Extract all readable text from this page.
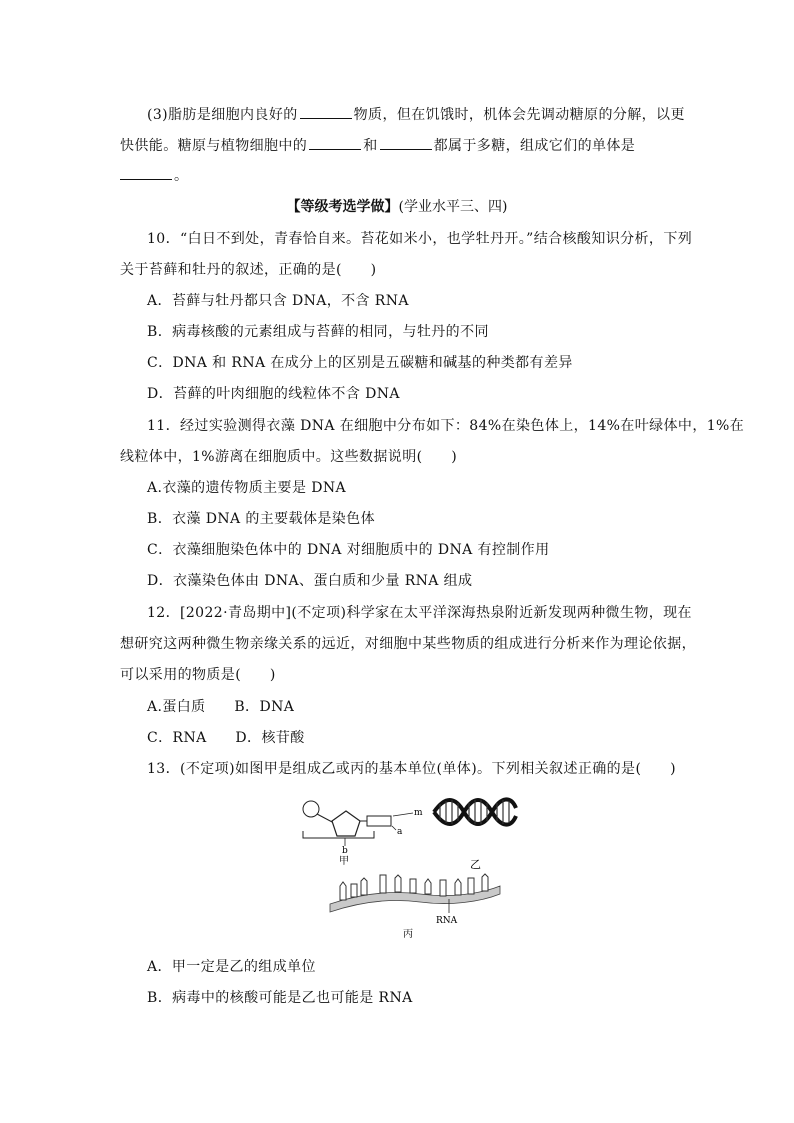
(3)脂肪是细胞内良好的	物质，但在饥饿时，机体会先调动糖原的分解，以更
快供能。糖原与植物细胞中的	和	都属于多糖，组成它们的单体是
。
【等级考选学做】(学业水平三、四)
10．“白日不到处，青春恰自来。苔花如米小，也学牡丹开。”结合核酸知识分析，下列
关于苔藓和牡丹的叙述，正确的是(　　)
A．苔藓与牡丹都只含 DNA，不含 RNA
B．病毒核酸的元素组成与苔藓的相同，与牡丹的不同
C．DNA 和 RNA 在成分上的区别是五碳糖和碱基的种类都有差异
D．苔藓的叶肉细胞的线粒体不含 DNA
11．经过实验测得衣藻 DNA 在细胞中分布如下：84%在染色体上，14%在叶绿体中，1%在
线粒体中，1%游离在细胞质中。这些数据说明(　　)
A.衣藻的遗传物质主要是 DNA
B．衣藻 DNA 的主要载体是染色体
C．衣藻细胞染色体中的 DNA 对细胞质中的 DNA 有控制作用
D．衣藻染色体由 DNA、蛋白质和少量 RNA 组成
12．[2022·青岛期中](不定项)科学家在太平洋深海热泉附近新发现两种微生物，现在
想研究这两种微生物亲缘关系的远近，对细胞中某些物质的组成进行分析来作为理论依据，
可以采用的物质是(　　)
A.蛋白质　　B．DNA
C．RNA　　D．核苷酸
13．(不定项)如图甲是组成乙或丙的基本单位(单体)。下列相关叙述正确的是(　　)
m
a
b
甲	乙
RNA
丙
A．甲一定是乙的组成单位
B．病毒中的核酸可能是乙也可能是 RNA
